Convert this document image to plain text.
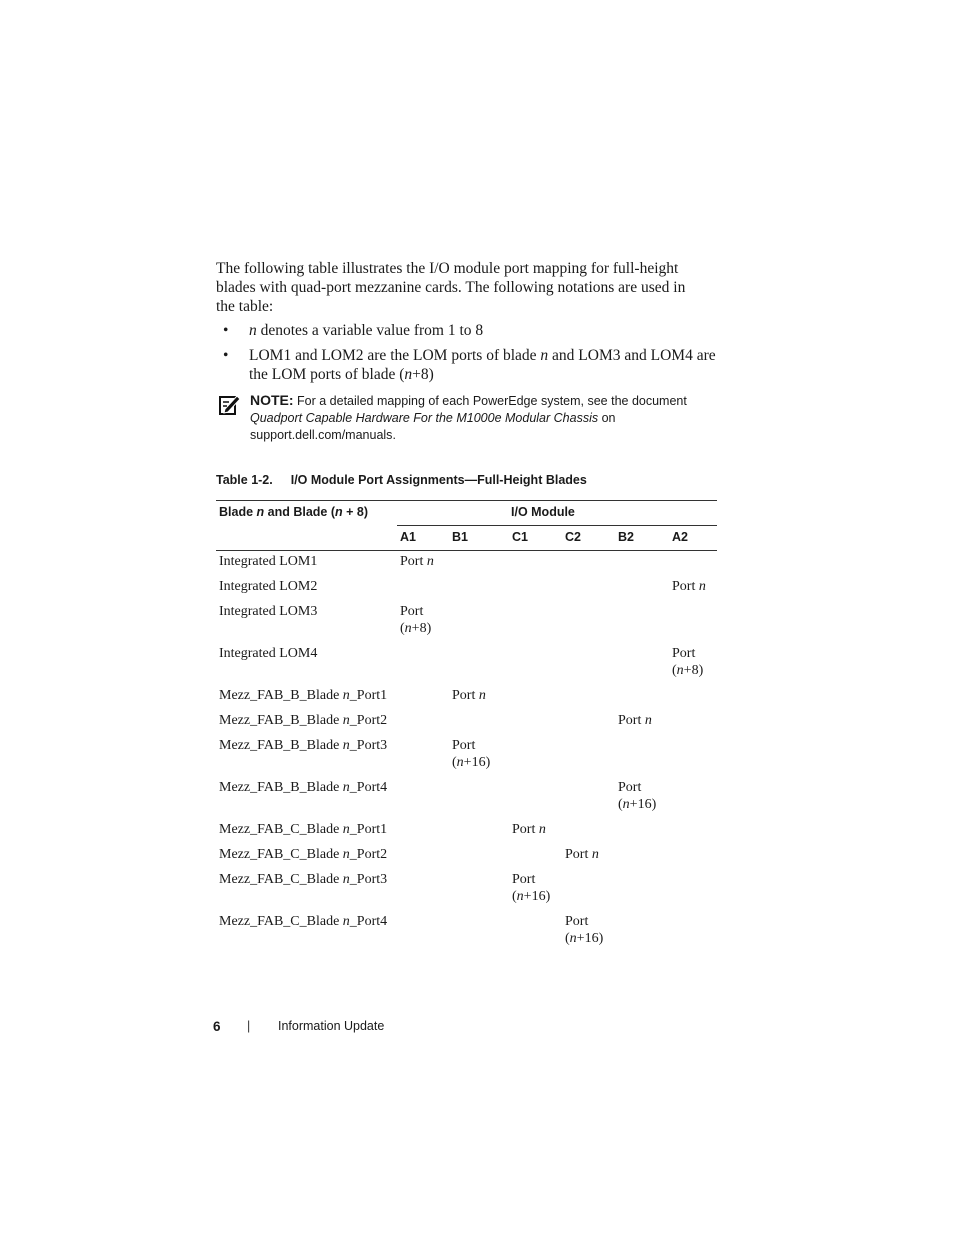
The following table illustrates the I/O module port mapping for full-height blades with quad-port mezzanine cards. The following notations are used in the table:

• n denotes a variable value from 1 to 8
• LOM1 and LOM2 are the LOM ports of blade n and LOM3 and LOM4 are the LOM ports of blade (n+8)
NOTE: For a detailed mapping of each PowerEdge system, see the document Quadport Capable Hardware For the M1000e Modular Chassis on support.dell.com/manuals.
Table 1-2. I/O Module Port Assignments—Full-Height Blades
Blade n and Blade (n + 8)	I/O Module					
	A1	B1	C1	C2	B2	A2
Integrated LOM1	Port n					
Integrated LOM2						Port n
Integrated LOM3	Port
(n+8)					
Integrated LOM4						Port
(n+8)
Mezz_FAB_B_Blade n_Port1		Port n				
Mezz_FAB_B_Blade n_Port2					Port n	
Mezz_FAB_B_Blade n_Port3		Port
(n+16)				
Mezz_FAB_B_Blade n_Port4					Port
(n+16)	
Mezz_FAB_C_Blade n_Port1			Port n			
Mezz_FAB_C_Blade n_Port2				Port n		
Mezz_FAB_C_Blade n_Port3			Port
(n+16)			
Mezz_FAB_C_Blade n_Port4				Port
(n+16)		
6 | Information Update
